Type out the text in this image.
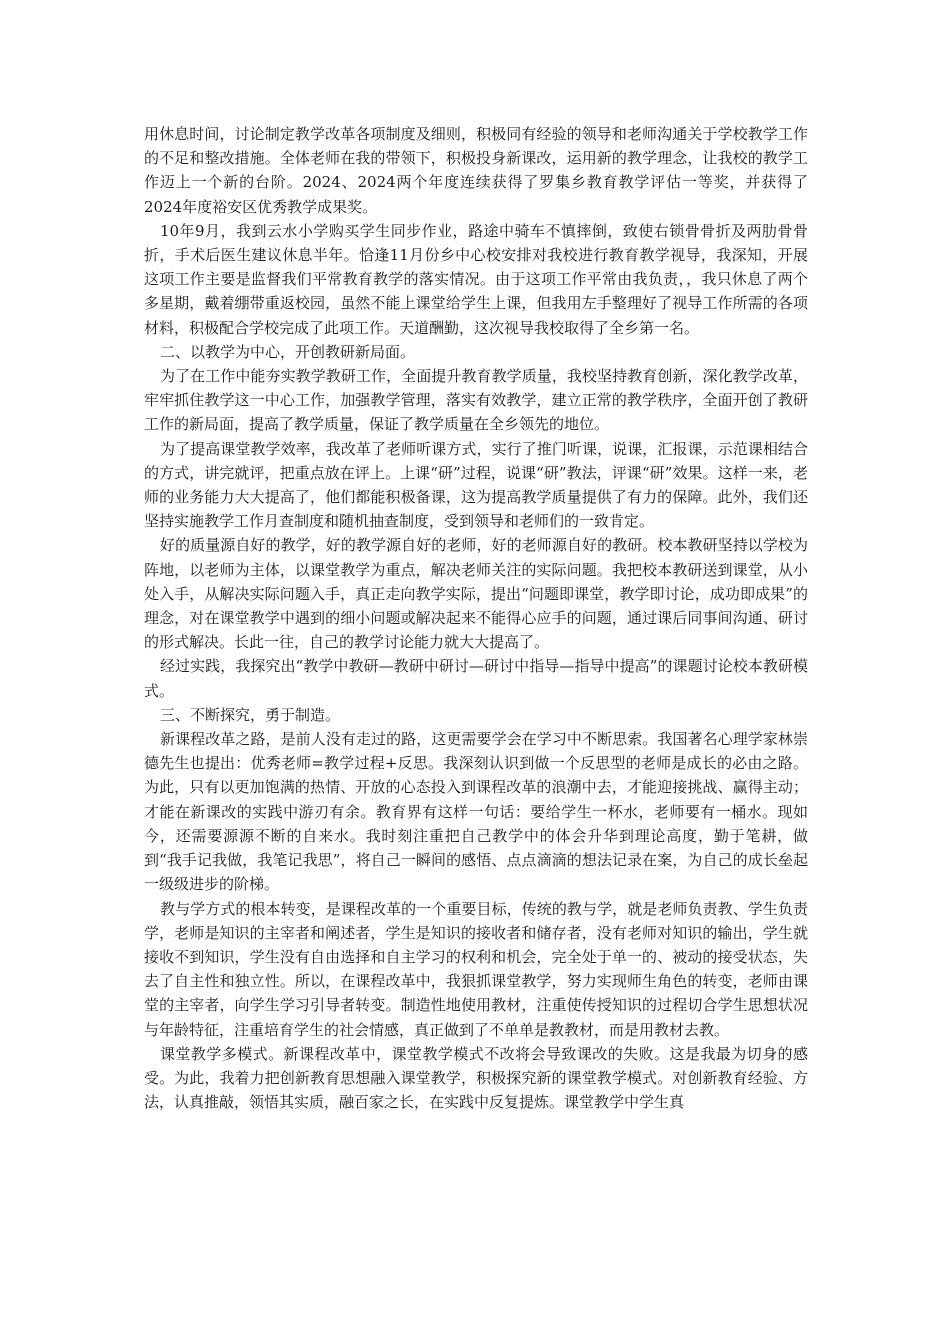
用休息时间，讨论制定教学改革各项制度及细则，积极同有经验的领导和老师沟通关于学校教学工作的不足和整改措施。全体老师在我的带领下，积极投身新课改，运用新的教学理念，让我校的教学工作迈上一个新的台阶。2024、2024两个年度连续获得了罗集乡教育教学评估一等奖，并获得了2024年度裕安区优秀教学成果奖。

10年9月，我到云水小学购买学生同步作业，路途中骑车不慎摔倒，致使右锁骨骨折及两肋骨骨折，手术后医生建议休息半年。恰逢11月份乡中心校安排对我校进行教育教学视导，我深知，开展这项工作主要是监督我们平常教育教学的落实情况。由于这项工作平常由我负责，，我只休息了两个多星期，戴着绷带重返校园，虽然不能上课堂给学生上课，但我用左手整理好了视导工作所需的各项材料，积极配合学校完成了此项工作。天道酬勤，这次视导我校取得了全乡第一名。

二、以教学为中心，开创教研新局面。

为了在工作中能夯实教学教研工作，全面提升教育教学质量，我校坚持教育创新，深化教学改革，牢牢抓住教学这一中心工作，加强教学管理，落实有效教学，建立正常的教学秩序，全面开创了教研工作的新局面，提高了教学质量，保证了教学质量在全乡领先的地位。

为了提高课堂教学效率，我改革了老师听课方式，实行了推门听课，说课，汇报课，示范课相结合的方式，讲完就评，把重点放在评上。上课“研”过程，说课“研”教法，评课“研”效果。这样一来，老师的业务能力大大提高了，他们都能积极备课，这为提高教学质量提供了有力的保障。此外，我们还坚持实施教学工作月查制度和随机抽查制度，受到领导和老师们的一致肯定。

好的质量源自好的教学，好的教学源自好的老师，好的老师源自好的教研。校本教研坚持以学校为阵地，以老师为主体，以课堂教学为重点，解决老师关注的实际问题。我把校本教研送到课堂，从小处入手，从解决实际问题入手，真正走向教学实际，提出“问题即课堂，教学即讨论，成功即成果”的理念，对在课堂教学中遇到的细小问题或解决起来不能得心应手的问题，通过课后同事间沟通、研讨的形式解决。长此一往，自己的教学讨论能力就大大提高了。

经过实践，我探究出“教学中教研—教研中研讨—研讨中指导—指导中提高”的课题讨论校本教研模式。

三、不断探究，勇于制造。

新课程改革之路，是前人没有走过的路，这更需要学会在学习中不断思索。我国著名心理学家林崇德先生也提出：优秀老师=教学过程+反思。我深刻认识到做一个反思型的老师是成长的必由之路。为此，只有以更加饱满的热情、开放的心态投入到课程改革的浪潮中去，才能迎接挑战、赢得主动；才能在新课改的实践中游刃有余。教育界有这样一句话：要给学生一杯水，老师要有一桶水。现如今，还需要源源不断的自来水。我时刻注重把自己教学中的体会升华到理论高度，勤于笔耕，做到“我手记我做，我笔记我思”，将自己一瞬间的感悟、点点滴滴的想法记录在案，为自己的成长垒起一级级进步的阶梯。

教与学方式的根本转变，是课程改革的一个重要目标，传统的教与学，就是老师负责教、学生负责学，老师是知识的主宰者和阐述者，学生是知识的接收者和储存者，没有老师对知识的输出，学生就接收不到知识，学生没有自由选择和自主学习的权利和机会，完全处于单一的、被动的接受状态，失去了自主性和独立性。所以，在课程改革中，我狠抓课堂教学，努力实现师生角色的转变，老师由课堂的主宰者，向学生学习引导者转变。制造性地使用教材，注重使传授知识的过程切合学生思想状况与年龄特征，注重培育学生的社会情感，真正做到了不单单是教教材，而是用教材去教。

课堂教学多模式。新课程改革中，课堂教学模式不改将会导致课改的失败。这是我最为切身的感受。为此，我着力把创新教育思想融入课堂教学，积极探究新的课堂教学模式。对创新教育经验、方法，认真推敲，领悟其实质，融百家之长，在实践中反复提炼。课堂教学中学生真
